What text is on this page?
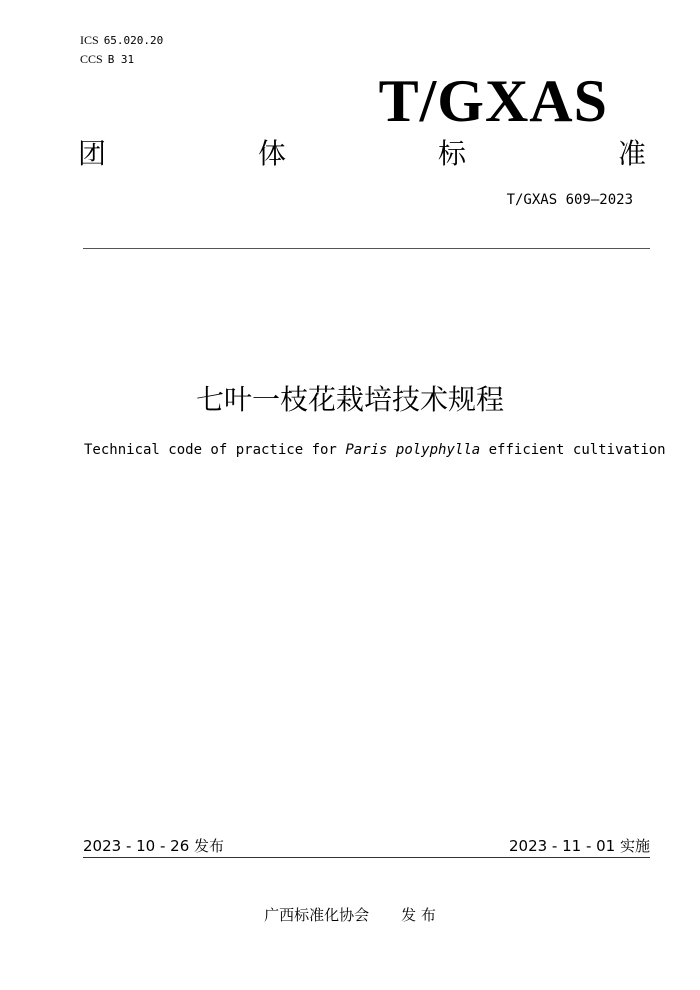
ICS 65.020.20
CCS B 31
T/GXAS
团	体	标	准
T/GXAS 609—2023
七叶一枝花栽培技术规程
Technical code of practice for Paris polyphylla efficient cultivation
2023 - 10 - 26 发布	2023 - 11 - 01 实施
广西标准化协会 发 布
